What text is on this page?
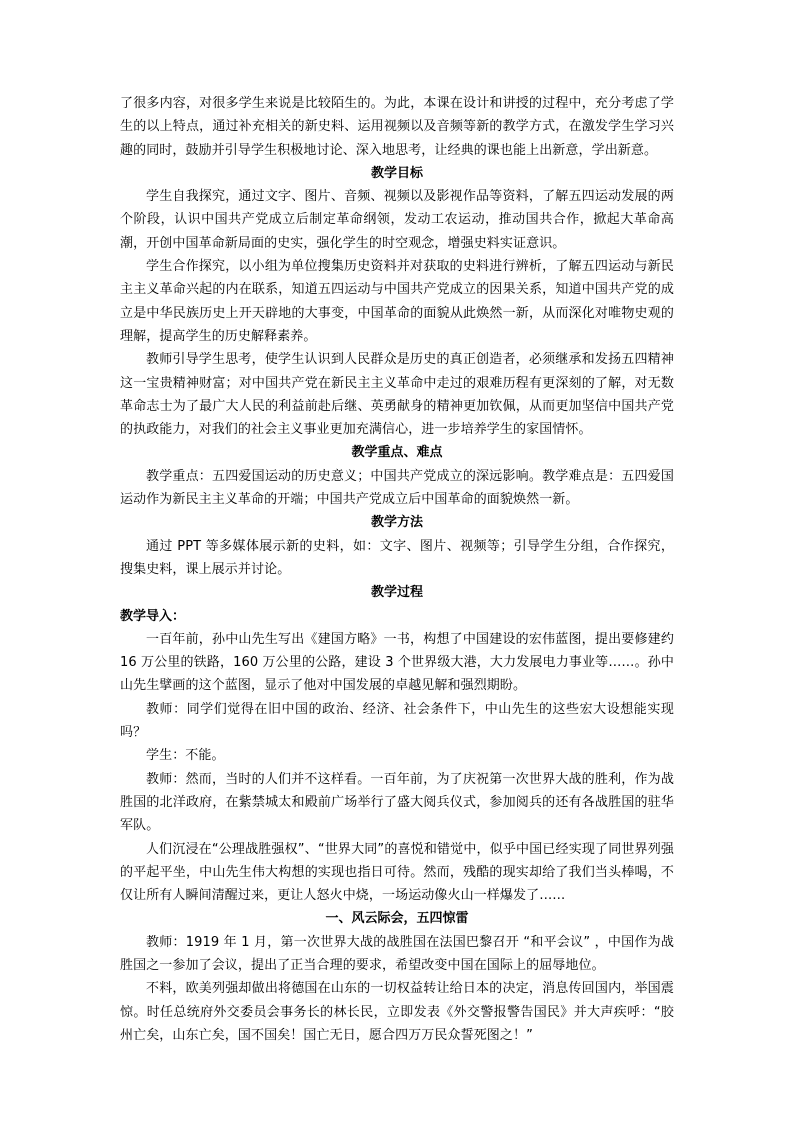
了很多内容，对很多学生来说是比较陌生的。为此，本课在设计和讲授的过程中，充分考虑了学生的以上特点，通过补充相关的新史料、运用视频以及音频等新的教学方式，在激发学生学习兴趣的同时，鼓励并引导学生积极地讨论、深入地思考，让经典的课也能上出新意，学出新意。

教学目标

学生自我探究，通过文字、图片、音频、视频以及影视作品等资料，了解五四运动发展的两个阶段，认识中国共产党成立后制定革命纲领，发动工农运动，推动国共合作，掀起大革命高潮，开创中国革命新局面的史实，强化学生的时空观念，增强史料实证意识。

学生合作探究，以小组为单位搜集历史资料并对获取的史料进行辨析，了解五四运动与新民主主义革命兴起的内在联系，知道五四运动与中国共产党成立的因果关系，知道中国共产党的成立是中华民族历史上开天辟地的大事变，中国革命的面貌从此焕然一新，从而深化对唯物史观的理解，提高学生的历史解释素养。

教师引导学生思考，使学生认识到人民群众是历史的真正创造者，必须继承和发扬五四精神这一宝贵精神财富；对中国共产党在新民主主义革命中走过的艰难历程有更深刻的了解，对无数革命志士为了最广大人民的利益前赴后继、英勇献身的精神更加钦佩，从而更加坚信中国共产党的执政能力，对我们的社会主义事业更加充满信心，进一步培养学生的家国情怀。

教学重点、难点

教学重点：五四爱国运动的历史意义；中国共产党成立的深远影响。教学难点是：五四爱国运动作为新民主主义革命的开端；中国共产党成立后中国革命的面貌焕然一新。

教学方法

通过 PPT 等多媒体展示新的史料，如：文字、图片、视频等；引导学生分组，合作探究，搜集史料，课上展示并讨论。

教学过程
教学导入：

一百年前，孙中山先生写出《建国方略》一书，构想了中国建设的宏伟蓝图，提出要修建约 16 万公里的铁路，160 万公里的公路，建设 3 个世界级大港，大力发展电力事业等……。孙中山先生擘画的这个蓝图，显示了他对中国发展的卓越见解和强烈期盼。

教师：同学们觉得在旧中国的政治、经济、社会条件下，中山先生的这些宏大设想能实现吗？

学生：不能。

教师：然而，当时的人们并不这样看。一百年前，为了庆祝第一次世界大战的胜利，作为战胜国的北洋政府，在紫禁城太和殿前广场举行了盛大阅兵仪式，参加阅兵的还有各战胜国的驻华军队。

人们沉浸在“公理战胜强权”、“世界大同”的喜悦和错觉中，似乎中国已经实现了同世界列强的平起平坐，中山先生伟大构想的实现也指日可待。然而，残酷的现实却给了我们当头棒喝，不仅让所有人瞬间清醒过来，更让人怒火中烧，一场运动像火山一样爆发了……

一、风云际会，五四惊雷

教师：1919 年 1 月，第一次世界大战的战胜国在法国巴黎召开 “和平会议” ，中国作为战胜国之一参加了会议，提出了正当合理的要求，希望改变中国在国际上的屈辱地位。

不料，欧美列强却做出将德国在山东的一切权益转让给日本的决定，消息传回国内，举国震惊。时任总统府外交委员会事务长的林长民，立即发表《外交警报警告国民》并大声疾呼：“胶州亡矣，山东亡矣，国不国矣！国亡无日，愿合四万万民众誓死图之！”
